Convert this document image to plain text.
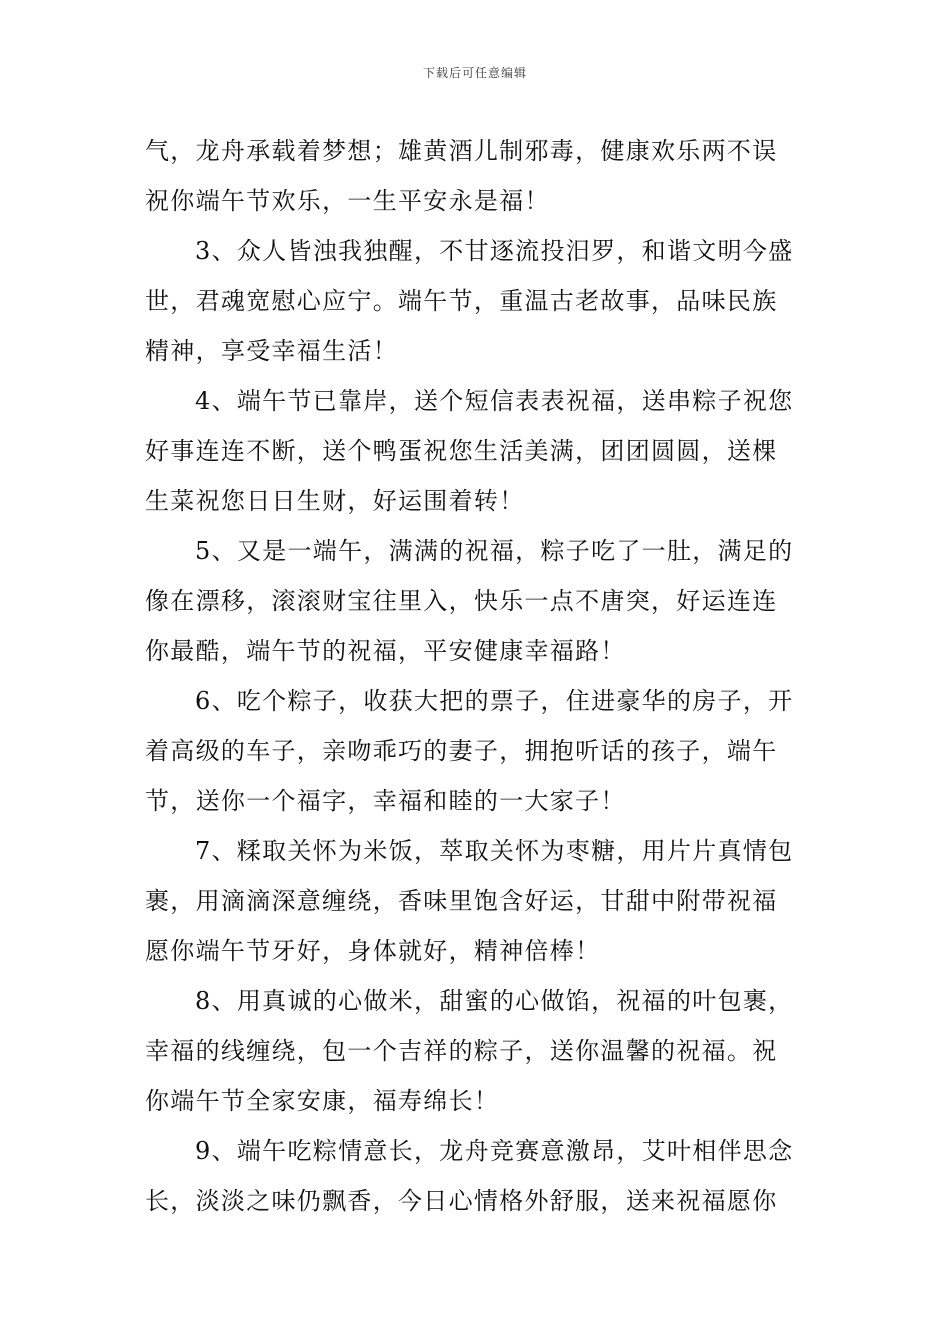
下载后可任意编辑
气，龙舟承载着梦想；雄黄酒儿制邪毒，健康欢乐两不误
祝你端午节欢乐，一生平安永是福！
3、众人皆浊我独醒，不甘逐流投汨罗，和谐文明今盛
世，君魂宽慰心应宁。端午节，重温古老故事，品味民族
精神，享受幸福生活！
4、端午节已靠岸，送个短信表表祝福，送串粽子祝您
好事连连不断，送个鸭蛋祝您生活美满，团团圆圆，送棵
生菜祝您日日生财，好运围着转！
5、又是一端午，满满的祝福，粽子吃了一肚，满足的
像在漂移，滚滚财宝往里入，快乐一点不唐突，好运连连
你最酷，端午节的祝福，平安健康幸福路！
6、吃个粽子，收获大把的票子，住进豪华的房子，开
着高级的车子，亲吻乖巧的妻子，拥抱听话的孩子，端午
节，送你一个福字，幸福和睦的一大家子！
7、糅取关怀为米饭，萃取关怀为枣糖，用片片真情包
裹，用滴滴深意缠绕，香味里饱含好运，甘甜中附带祝福
愿你端午节牙好，身体就好，精神倍棒！
8、用真诚的心做米，甜蜜的心做馅，祝福的叶包裹，
幸福的线缠绕，包一个吉祥的粽子，送你温馨的祝福。祝
你端午节全家安康，福寿绵长！
9、端午吃粽情意长，龙舟竞赛意激昂，艾叶相伴思念
长，淡淡之味仍飘香，今日心情格外舒服，送来祝福愿你
